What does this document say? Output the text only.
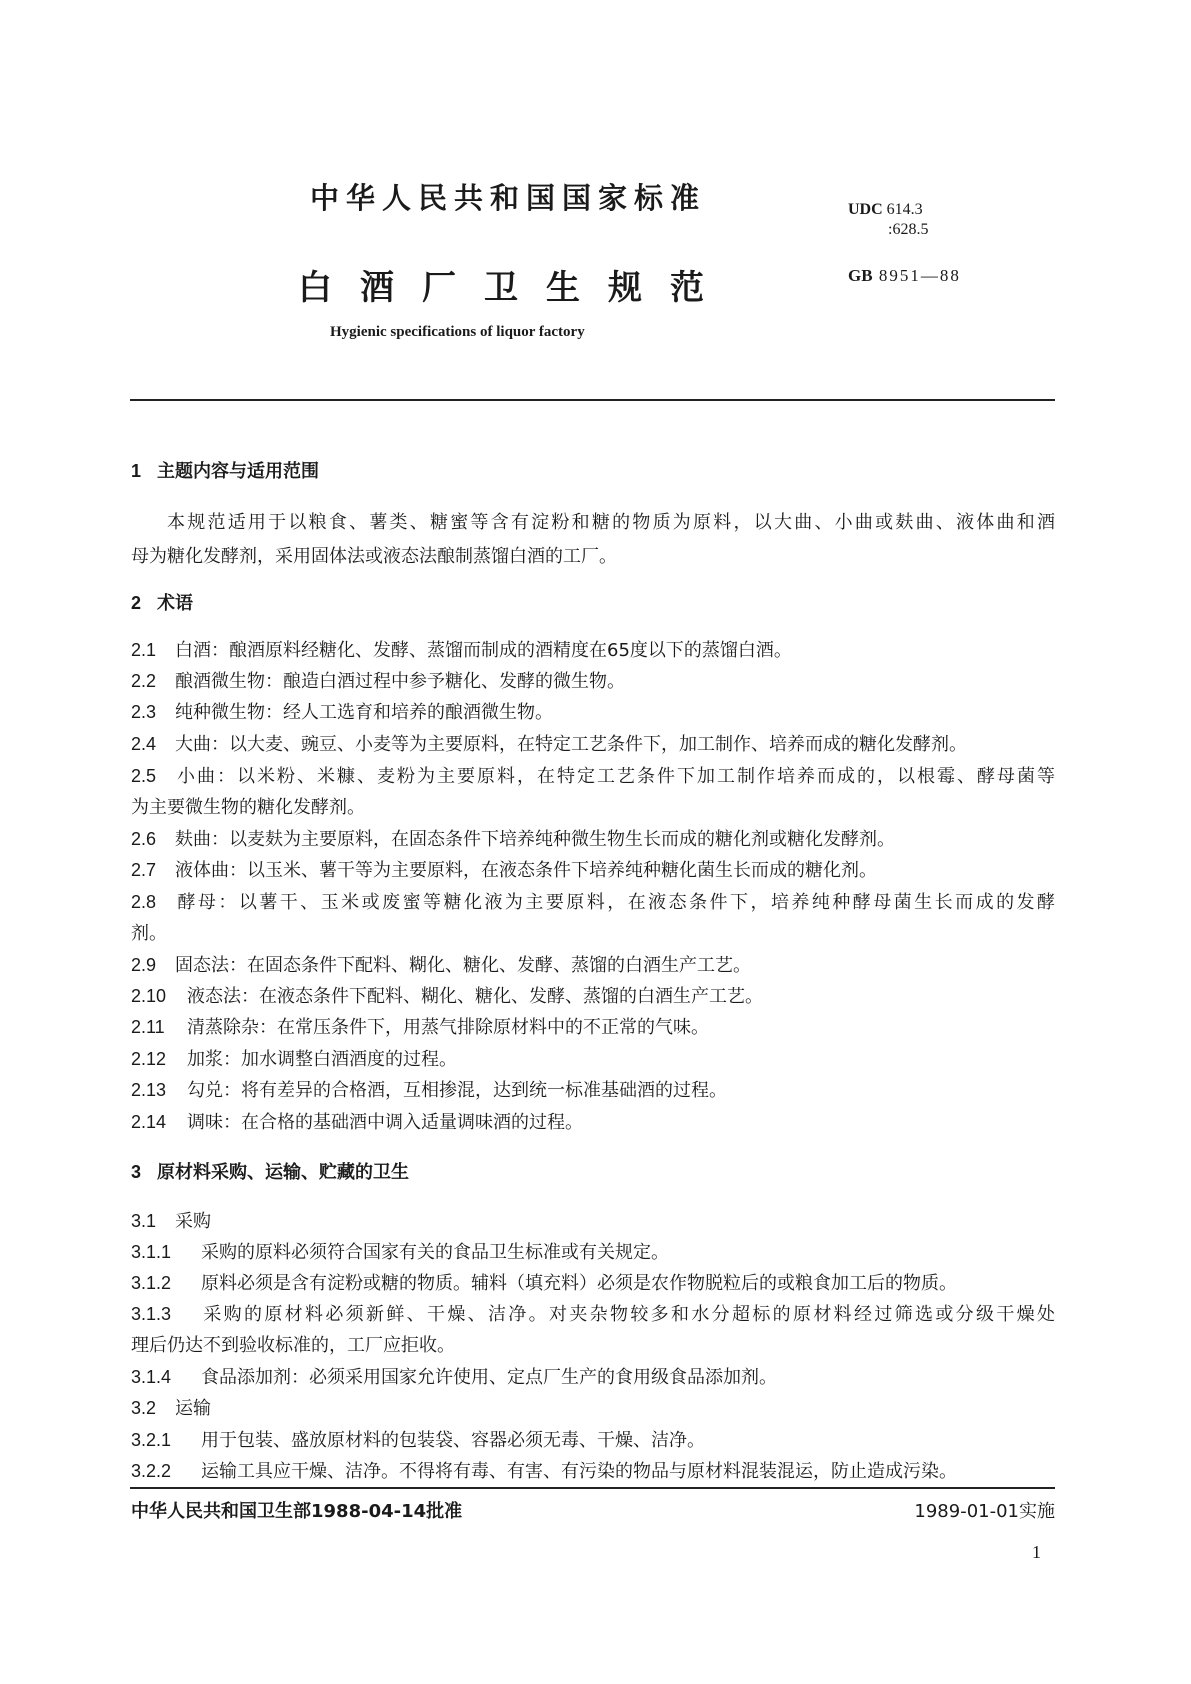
中华人民共和国国家标准
白酒厂卫生规范
Hygienic specifications of liquor factory
UDC 614.3
:628.5
GB 8951—88
1 主题内容与适用范围
本规范适用于以粮食、薯类、糖蜜等含有淀粉和糖的物质为原料，以大曲、小曲或麸曲、液体曲和酒
母为糖化发酵剂，采用固体法或液态法酿制蒸馏白酒的工厂。
2 术语
2.1 白酒：酿酒原料经糖化、发酵、蒸馏而制成的酒精度在65度以下的蒸馏白酒。
2.2 酿酒微生物：酿造白酒过程中参予糖化、发酵的微生物。
2.3 纯种微生物：经人工选育和培养的酿酒微生物。
2.4 大曲：以大麦、豌豆、小麦等为主要原料，在特定工艺条件下，加工制作、培养而成的糖化发酵剂。
2.5 小曲：以米粉、米糠、麦粉为主要原料，在特定工艺条件下加工制作培养而成的，以根霉、酵母菌等
为主要微生物的糖化发酵剂。
2.6 麸曲：以麦麸为主要原料，在固态条件下培养纯种微生物生长而成的糖化剂或糖化发酵剂。
2.7 液体曲：以玉米、薯干等为主要原料，在液态条件下培养纯种糖化菌生长而成的糖化剂。
2.8 酵母：以薯干、玉米或废蜜等糖化液为主要原料，在液态条件下，培养纯种酵母菌生长而成的发酵
剂。
2.9 固态法：在固态条件下配料、糊化、糖化、发酵、蒸馏的白酒生产工艺。
2.10 液态法：在液态条件下配料、糊化、糖化、发酵、蒸馏的白酒生产工艺。
2.11 清蒸除杂：在常压条件下，用蒸气排除原材料中的不正常的气味。
2.12 加浆：加水调整白酒酒度的过程。
2.13 勾兑：将有差异的合格酒，互相掺混，达到统一标准基础酒的过程。
2.14 调味：在合格的基础酒中调入适量调味酒的过程。
3 原材料采购、运输、贮藏的卫生
3.1 采购
3.1.1 采购的原料必须符合国家有关的食品卫生标准或有关规定。
3.1.2 原料必须是含有淀粉或糖的物质。辅料（填充料）必须是农作物脱粒后的或粮食加工后的物质。
3.1.3 采购的原材料必须新鲜、干燥、洁净。对夹杂物较多和水分超标的原材料经过筛选或分级干燥处
理后仍达不到验收标准的，工厂应拒收。
3.1.4 食品添加剂：必须采用国家允许使用、定点厂生产的食用级食品添加剂。
3.2 运输
3.2.1 用于包装、盛放原材料的包装袋、容器必须无毒、干燥、洁净。
3.2.2 运输工具应干燥、洁净。不得将有毒、有害、有污染的物品与原材料混装混运，防止造成污染。
中华人民共和国卫生部1988-04-14批准	1989-01-01实施
1
